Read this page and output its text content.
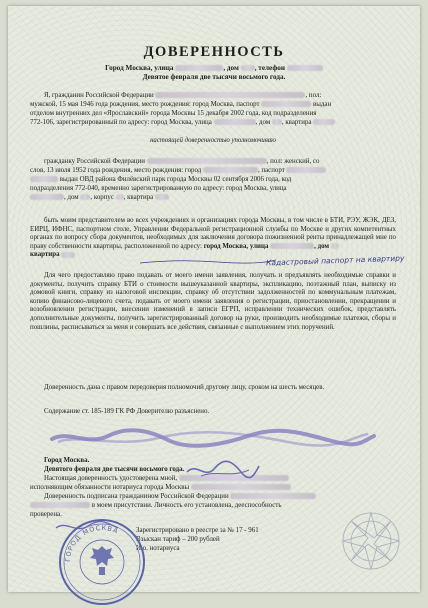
ДОВЕРЕННОСТЬ
Город Москва, улица	, дом , телефон
Девятое февраля две тысячи восьмого года.
Я, гражданин Российской Федерации	, пол:
мужской, 15 мая 1946 года рождения, место рождения: город Москва, паспорт	выдан
отделом внутренних дел «Ярославский» города Москвы 15 декабря 2002 года, код подразделения
772-106, зарегистрированный по адресу: город Москва, улица	, дом , квартира
настоящей доверенностью уполномочиваю
гражданку Российской Федерации	, пол: женский, со
слов, 13 июля 1952 года рождения, место рождения: город	, паспорт
выдан ОВД района Филёвский парк города Москвы 02 сентября 2006 года, код
подразделения 772-040, временно зарегистрированную по адресу: город Москва, улица
, дом , корпус , квартира

быть моим представителем во всех учреждениях и организациях города Москвы, в том числе в БТИ, РЭУ, ЖЭК, ДЕЗ, ЕИРЦ, ИФНС, паспортном столе, Управлении Федеральной регистрационной службы по Москве и других компетентных органах по вопросу сбора документов, необходимых для заключения договора пожизненной ренты принадлежащей мне по праву собственности квартиры, расположенной по адресу: город Москва, улица	, дом
квартира

Для чего предоставляю право подавать от моего имени заявления, получать и предъявлять необходимые справки и документы, получить справку БТИ о стоимости вышеуказанной квартиры, экспликацию, поэтажный план, выписку из домовой книги, справку из налоговой инспекции, справку об отсутствии задолженностей по коммунальным платежам, копию финансово-лицевого счета, подавать от моего имени заявления о регистрации, приостановлении, прекращении и возобновлении регистрации, внесении изменений в записи ЕГРП, исправлении технических ошибок, представлять дополнительные документы, получить зарегистрированный договор на руки, производить необходимые платежи, сборы и пошлины, расписываться за меня и совершать все действия, связанные с выполнением этих поручений.

Доверенность дана с правом передоверия полномочий другому лицу, сроком на шесть месяцев.

Содержание ст. 185-189 ГК РФ Доверителю разъяснено.

Город Москва.
Девятого февраля две тысячи восьмого года.
Настоящая доверенность удостоверена мной,
исполняющим обязанности нотариуса города Москвы
Доверенность подписана гражданином Российской Федерации
в моем присутствии. Личность его установлена, дееспособность
проверена.
Зарегистрировано в реестре за № 17 - 961
Взыскан тариф – 200 рублей
И.о. нотариуса
Кадастровый паспорт на квартиру
ГОРОД МОСКВА
